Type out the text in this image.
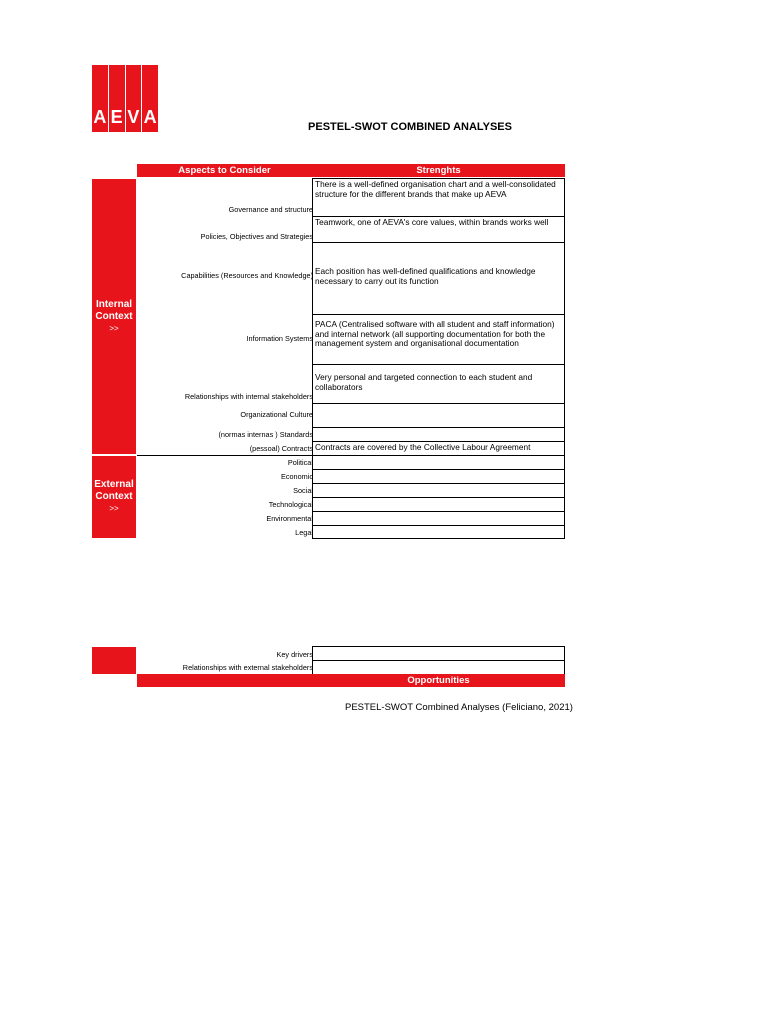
A E V A	PESTEL-SWOT COMBINED ANALYSES
Aspects to Consider	Strenghts
Internal Context
>>
Governance and structure
Policies, Objectives and Strategies
Capabilities (Resources and Knowledge)
Information Systems
Relationships with internal stakeholders
Organizational Culture
(normas internas ) Standards
(pessoal) Contracts
There is a well-defined organisation chart and a well-consolidated structure for the different brands that make up AEVA
Teamwork, one of AEVA's core values, within brands works well
Each position has well-defined qualifications and knowledge necessary to carry out its function
PACA (Centralised software with all student and staff information) and internal network (all supporting documentation for both the management system and organisational documentation
Very personal and targeted connection to each student and collaborators
Contracts are covered by the Collective Labour Agreement
External Context
>>
Political
Economic
Social
Technological
Environmental
Legal
Key drivers
Relationships with external stakeholders
Opportunities
PESTEL-SWOT Combined Analyses (Feliciano, 2021)
